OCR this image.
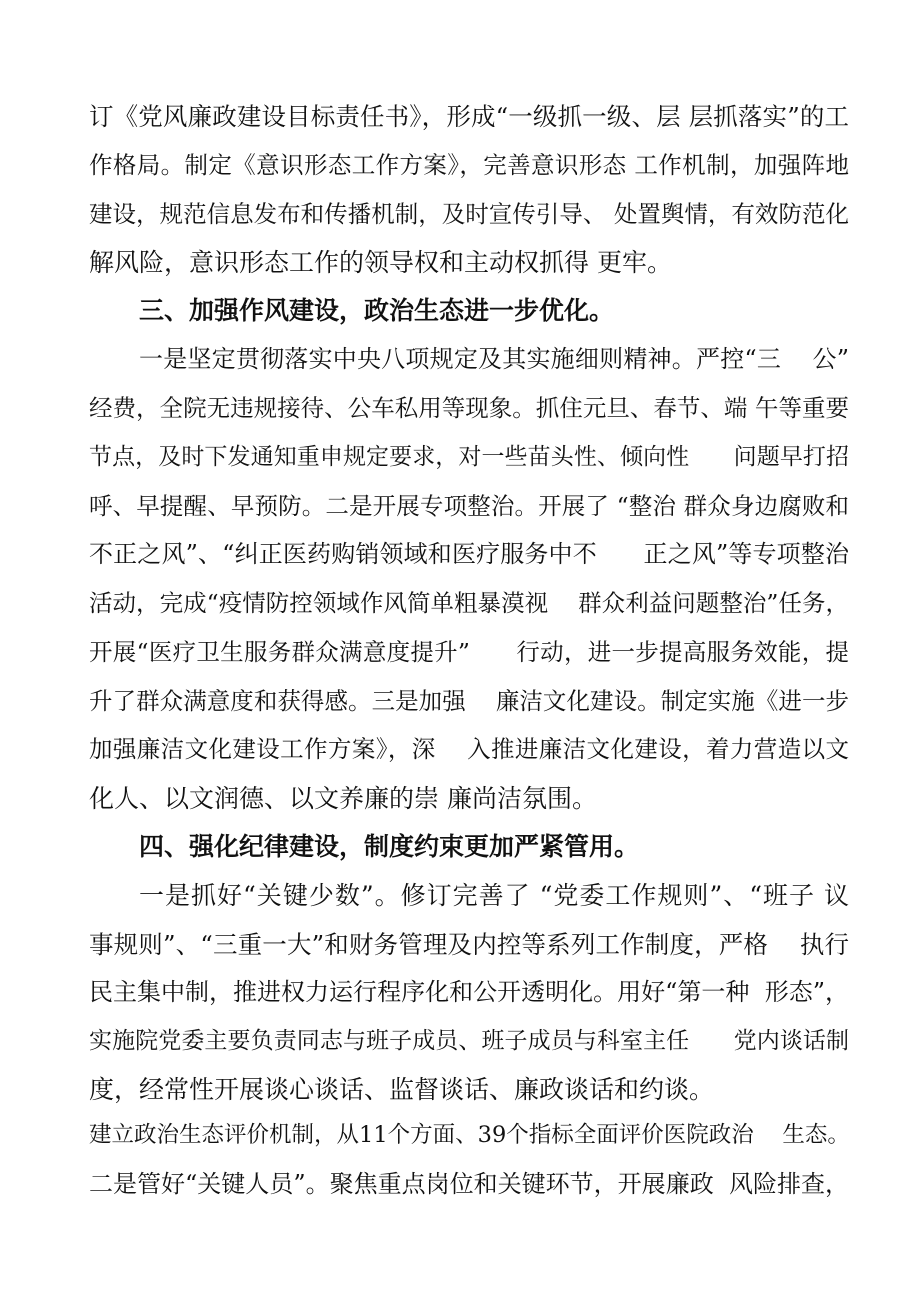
订《党风廉政建设目标责任书》，形成“一级抓一级、层 层抓落实”的工
作格局。制定《意识形态工作方案》，完善意识形态 工作机制，加强阵地
建设，规范信息发布和传播机制，及时宣传引导、 处置舆情，有效防范化
解风险，意识形态工作的领导权和主动权抓得 更牢。
三、加强作风建设，政治生态进一步优化。
一是坚定贯彻落实中央八项规定及其实施细则精神。严控“三    公”
经费，全院无违规接待、公车私用等现象。抓住元旦、春节、端 午等重要
节点，及时下发通知重申规定要求，对一些苗头性、倾向性      问题早打招
呼、早提醒、早预防。二是开展专项整治。开展了 “整治 群众身边腐败和
不正之风”、“纠正医药购销领域和医疗服务中不      正之风”等专项整治
活动，完成“疫情防控领域作风简单粗暴漠视    群众利益问题整治”任务，
开展“医疗卫生服务群众满意度提升”      行动，进一步提高服务效能，提
升了群众满意度和获得感。三是加强    廉洁文化建设。制定实施《进一步
加强廉洁文化建设工作方案》，深    入推进廉洁文化建设，着力营造以文
化人、以文润德、以文养廉的崇 廉尚洁氛围。
四、强化纪律建设，制度约束更加严紧管用。
一是抓好“关键少数”。修订完善了 “党委工作规则”、“班子 议
事规则”、“三重一大”和财务管理及内控等系列工作制度，严格    执行
民主集中制，推进权力运行程序化和公开透明化。用好“第一种  形态”，
实施院党委主要负责同志与班子成员、班子成员与科室主任      党内谈话制
度，经常性开展谈心谈话、监督谈话、廉政谈话和约谈。
建立政治生态评价机制，从11个方面、39个指标全面评价医院政治    生态。
二是管好“关键人员”。聚焦重点岗位和关键环节，开展廉政  风险排查，
